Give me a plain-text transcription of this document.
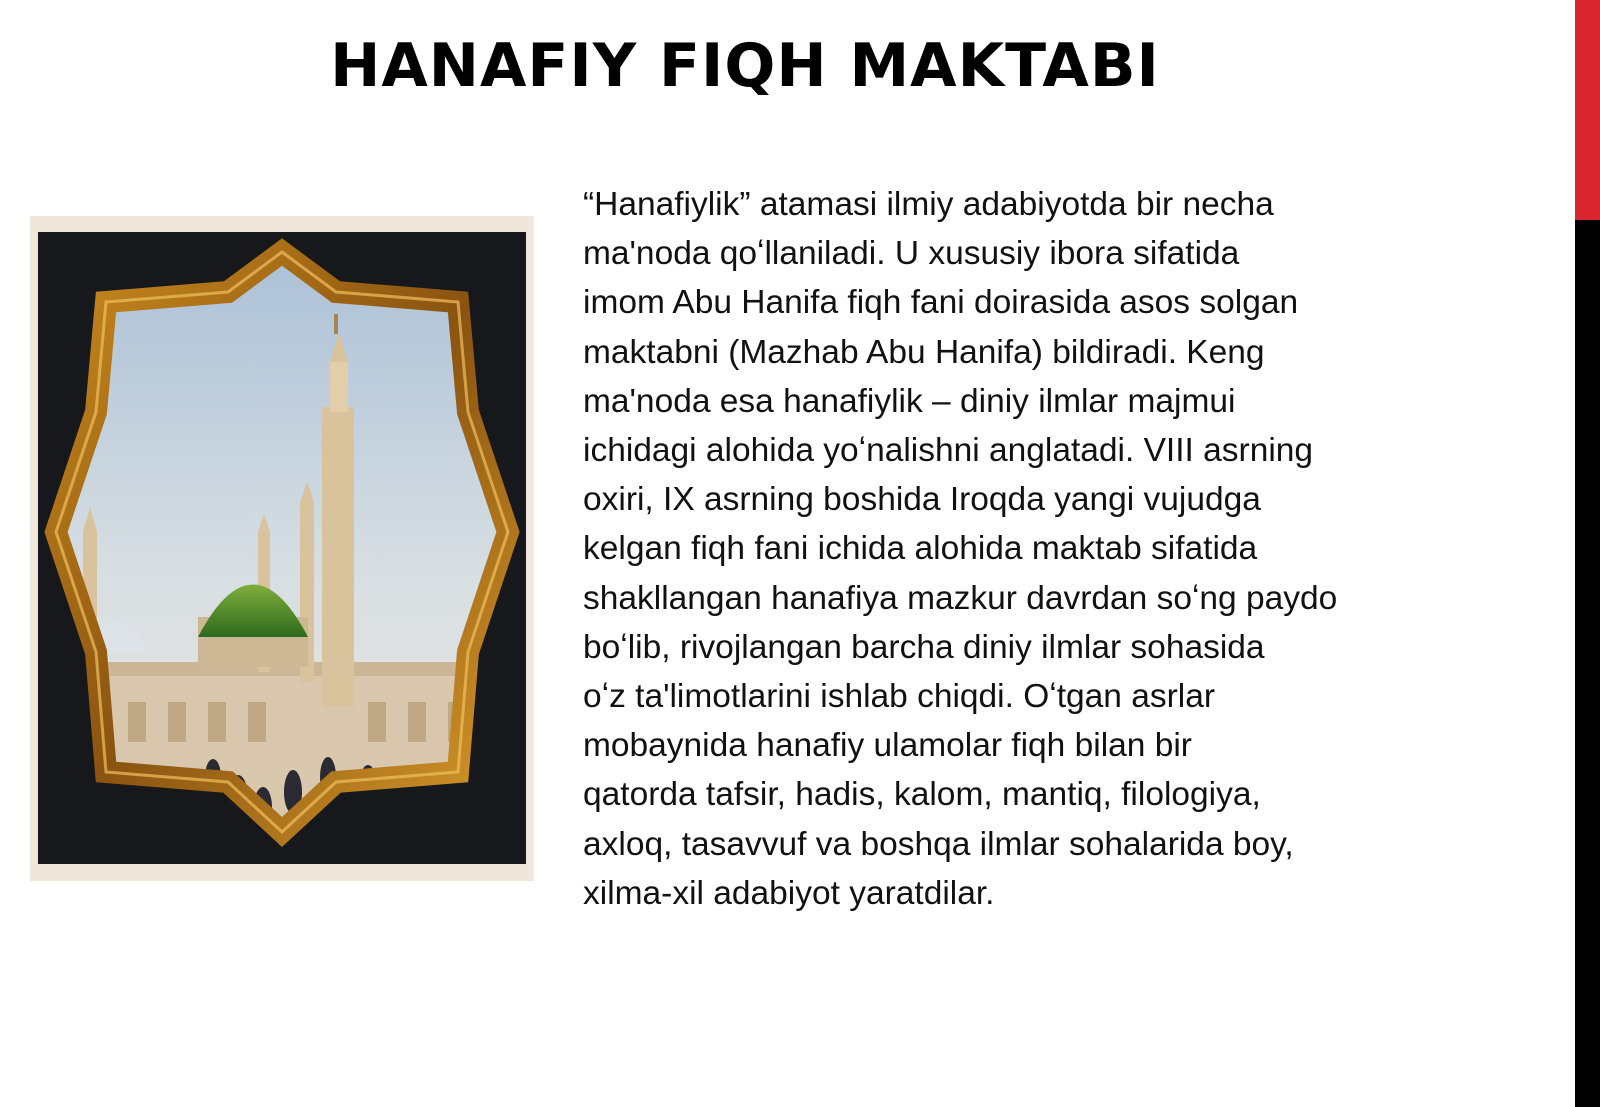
HANAFIY FIQH MAKTABI
“Hanafiylik” atamasi ilmiy adabiyotda bir necha
ma'noda qoʻllaniladi. U xususiy ibora sifatida
imom Abu Hanifa fiqh fani doirasida asos solgan
maktabni (Mazhab Abu Hanifa) bildiradi. Keng
ma'noda esa hanafiylik – diniy ilmlar majmui
ichidagi alohida yoʻnalishni anglatadi. VIII asrning
oxiri, IX asrning boshida Iroqda yangi vujudga
kelgan fiqh fani ichida alohida maktab sifatida
shakllangan hanafiya mazkur davrdan soʻng paydo
boʻlib, rivojlangan barcha diniy ilmlar sohasida
oʻz ta'limotlarini ishlab chiqdi. Oʻtgan asrlar
mobaynida hanafiy ulamolar fiqh bilan bir
qatorda tafsir, hadis, kalom, mantiq, filologiya,
axloq, tasavvuf va boshqa ilmlar sohalarida boy,
xilma-xil adabiyot yaratdilar.
